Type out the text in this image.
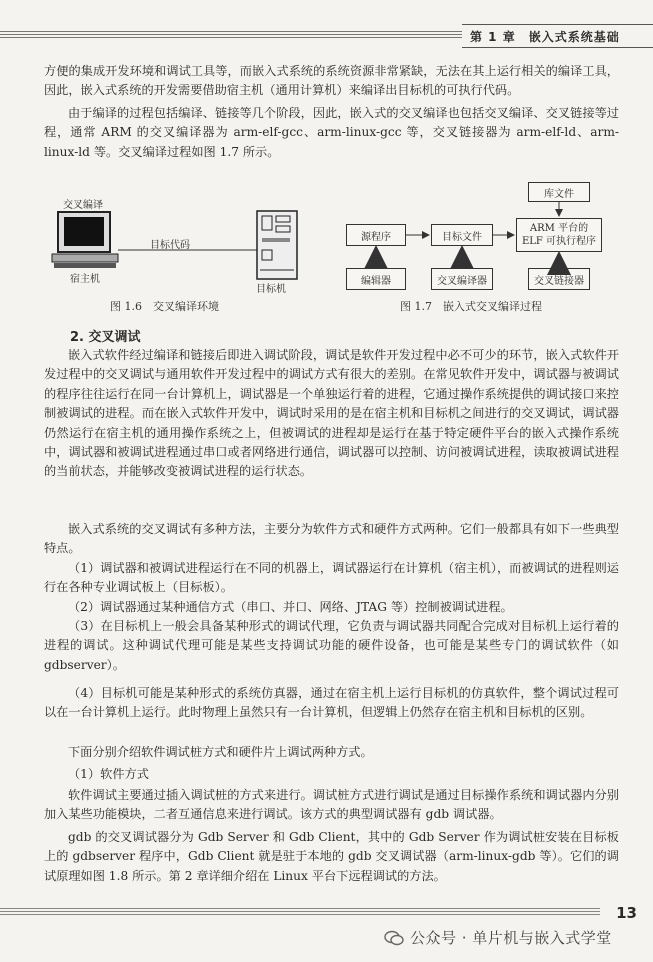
第 1 章　嵌入式系统基础

方便的集成开发环境和调试工具等，而嵌入式系统的系统资源非常紧缺，无法在其上运行相关的编译工具，因此，嵌入式系统的开发需要借助宿主机（通用计算机）来编译出目标机的可执行代码。

由于编译的过程包括编译、链接等几个阶段，因此，嵌入式的交叉编译也包括交叉编译、交叉链接等过程，通常 ARM 的交叉编译器为 arm-elf-gcc、arm-linux-gcc 等，交叉链接器为 arm-elf-ld、arm-linux-ld 等。交叉编译过程如图 1.7 所示。

交叉编译
宿主机
目标代码
目标机
图 1.6　交叉编译环境
库文件
源程序	目标文件
ARM 平台的
ELF 可执行程序
编辑器	交叉编译器	交叉链接器
图 1.7　嵌入式交叉编译过程
2. 交叉调试

嵌入式软件经过编译和链接后即进入调试阶段，调试是软件开发过程中必不可少的环节，嵌入式软件开发过程中的交叉调试与通用软件开发过程中的调试方式有很大的差别。在常见软件开发中，调试器与被调试的程序往往运行在同一台计算机上，调试器是一个单独运行着的进程，它通过操作系统提供的调试接口来控制被调试的进程。而在嵌入式软件开发中，调试时采用的是在宿主机和目标机之间进行的交叉调试，调试器仍然运行在宿主机的通用操作系统之上，但被调试的进程却是运行在基于特定硬件平台的嵌入式操作系统中，调试器和被调试进程通过串口或者网络进行通信，调试器可以控制、访问被调试进程，读取被调试进程的当前状态，并能够改变被调试进程的运行状态。

嵌入式系统的交叉调试有多种方法，主要分为软件方式和硬件方式两种。它们一般都具有如下一些典型特点。

（1）调试器和被调试进程运行在不同的机器上，调试器运行在计算机（宿主机），而被调试的进程则运行在各种专业调试板上（目标板）。

（2）调试器通过某种通信方式（串口、并口、网络、JTAG 等）控制被调试进程。

（3）在目标机上一般会具备某种形式的调试代理，它负责与调试器共同配合完成对目标机上运行着的进程的调试。这种调试代理可能是某些支持调试功能的硬件设备，也可能是某些专门的调试软件（如 gdbserver）。

（4）目标机可能是某种形式的系统仿真器，通过在宿主机上运行目标机的仿真软件，整个调试过程可以在一台计算机上运行。此时物理上虽然只有一台计算机，但逻辑上仍然存在宿主机和目标机的区别。

下面分别介绍软件调试桩方式和硬件片上调试两种方式。

（1）软件方式

软件调试主要通过插入调试桩的方式来进行。调试桩方式进行调试是通过目标操作系统和调试器内分别加入某些功能模块，二者互通信息来进行调试。该方式的典型调试器有 gdb 调试器。

gdb 的交叉调试器分为 Gdb Server 和 Gdb Client，其中的 Gdb Server 作为调试桩安装在目标板上的 gdbserver 程序中，Gdb Client 就是驻于本地的 gdb 交叉调试器（arm-linux-gdb 等）。它们的调试原理如图 1.8 所示。第 2 章详细介绍在 Linux 平台下远程调试的方法。

13
公众号 · 单片机与嵌入式学堂
